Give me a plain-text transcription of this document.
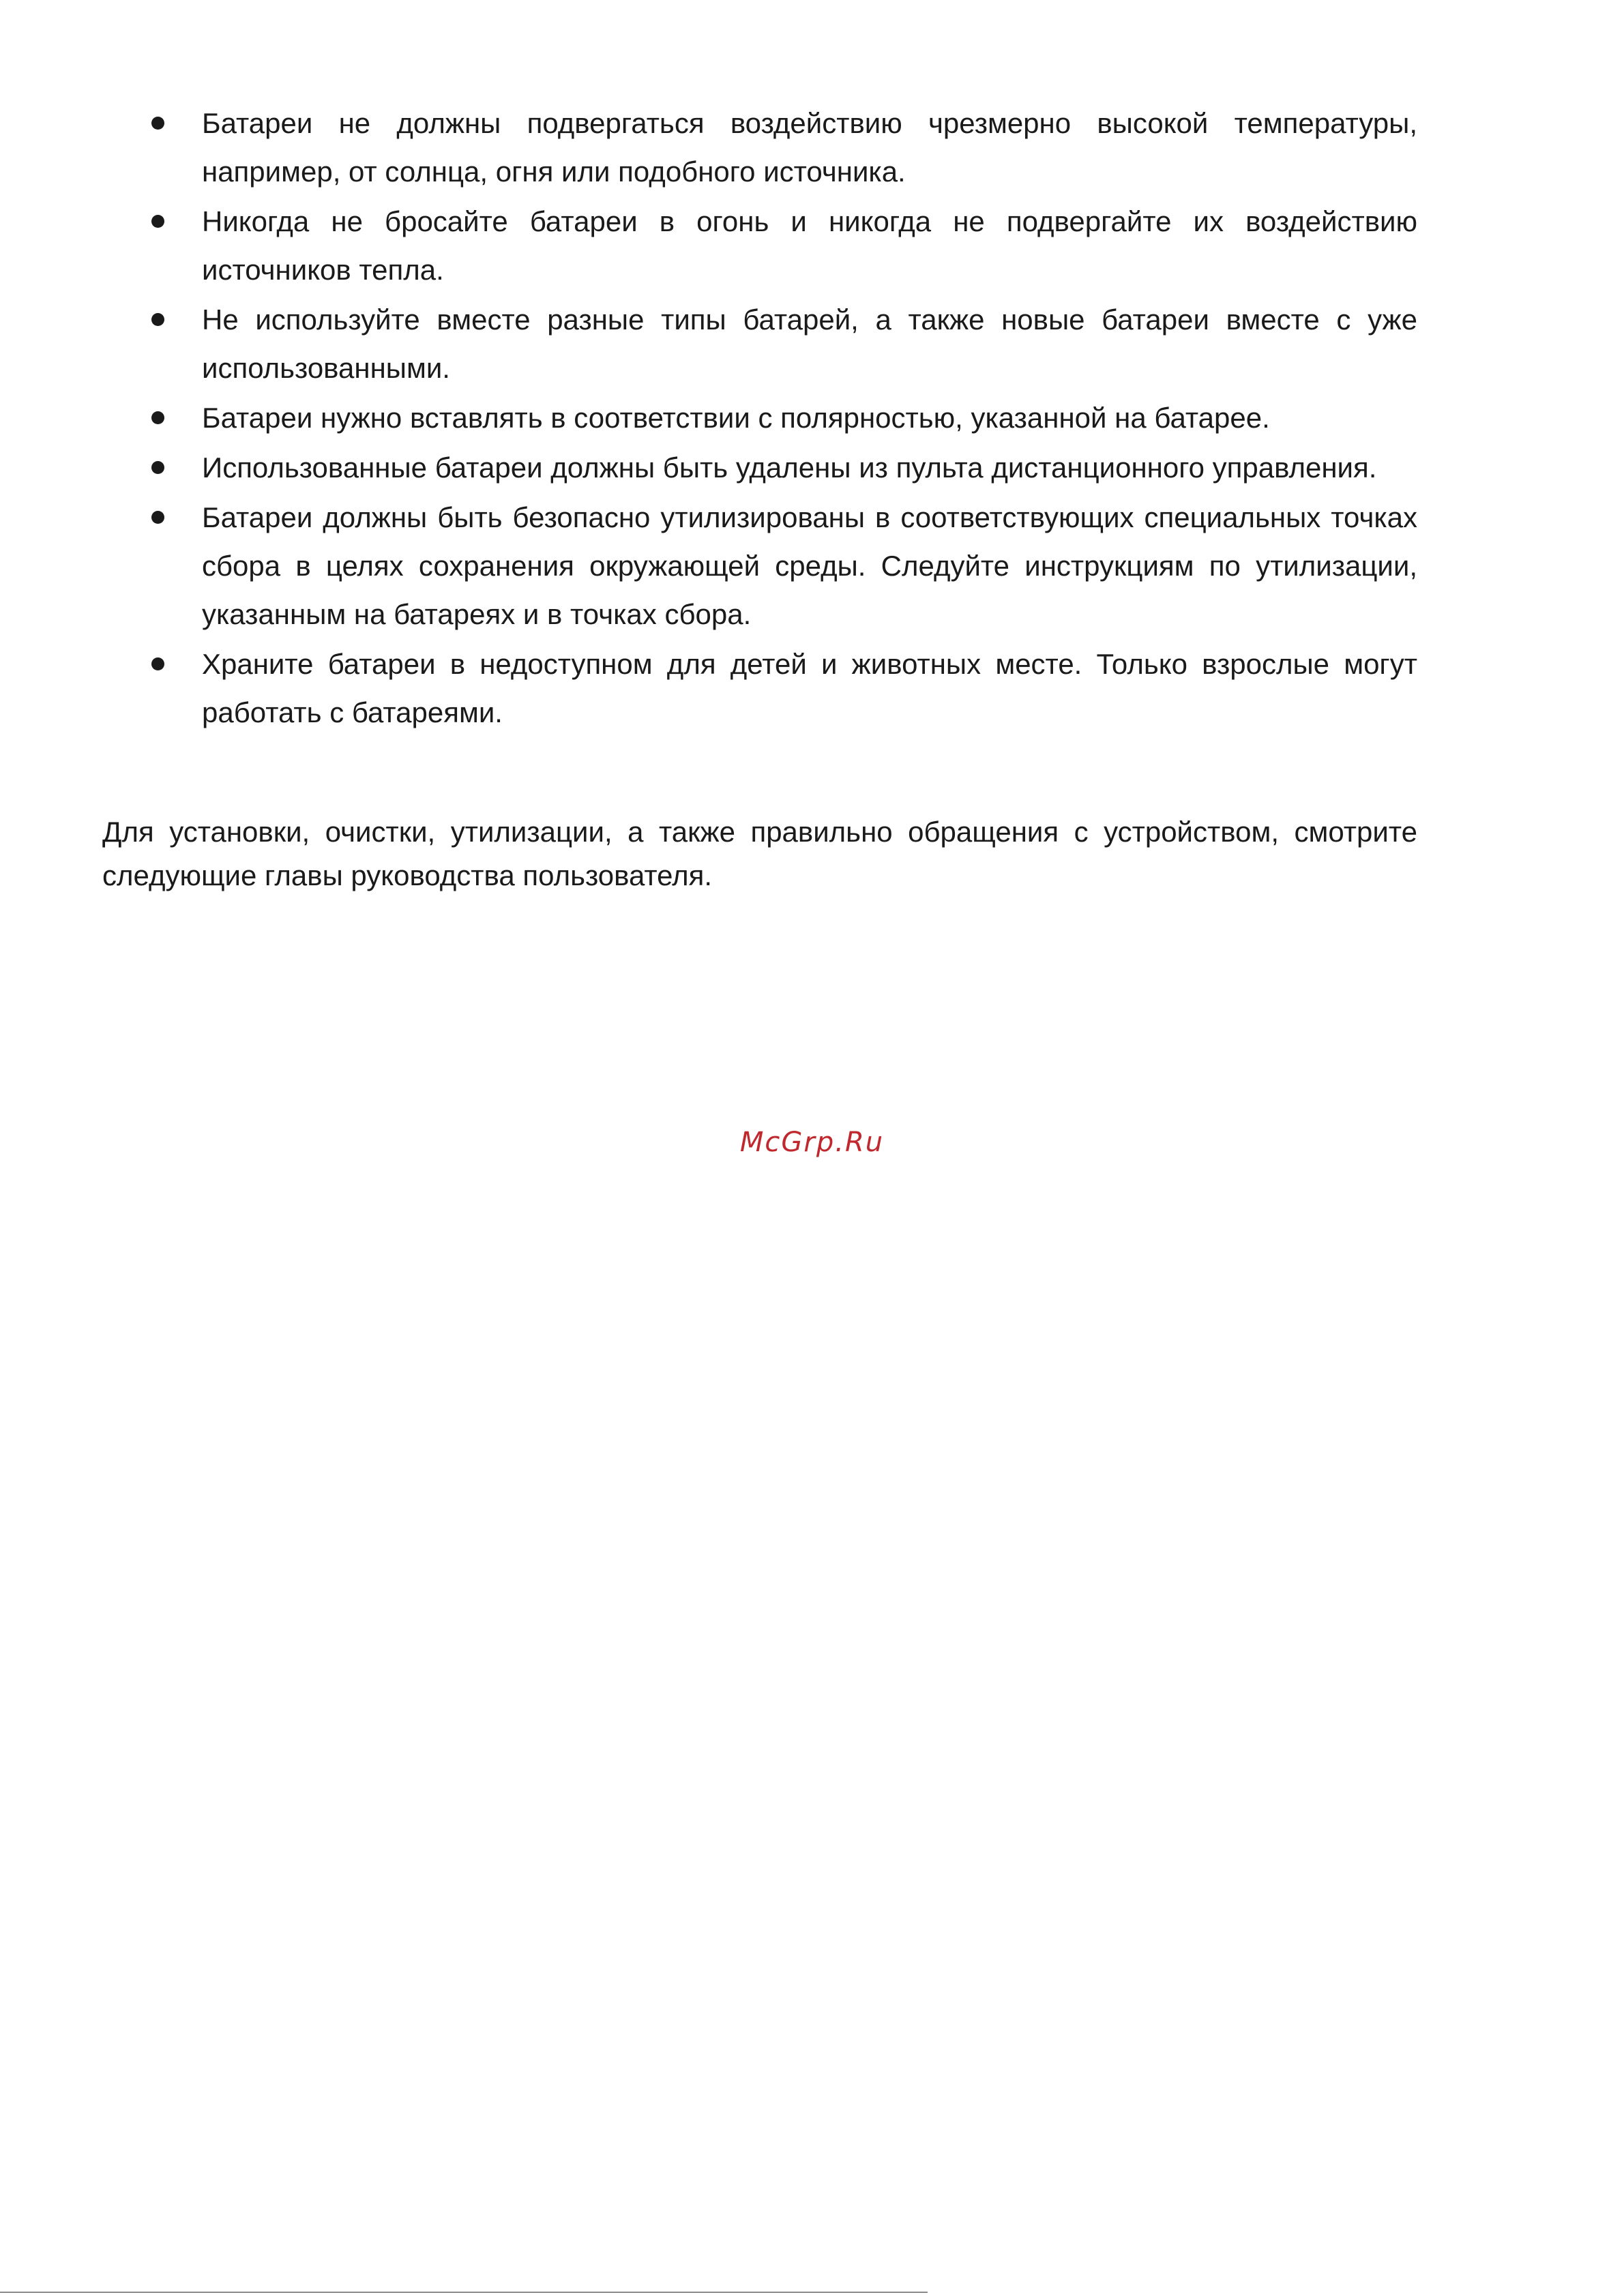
Батареи не должны подвергаться воздействию чрезмерно высокой температуры, например, от солнца, огня или подобного источника.
Никогда не бросайте батареи в огонь и никогда не подвергайте их воздействию источников тепла.
Не используйте вместе разные типы батарей, а также новые батареи вместе с уже использованными.
Батареи нужно вставлять в соответствии с полярностью, указанной на батарее.
Использованные батареи должны быть удалены из пульта дистанционного управления.
Батареи должны быть безопасно утилизированы в соответствующих специальных точках сбора в целях сохранения окружающей среды. Следуйте инструкциям по утилизации, указанным на батареях и в точках сбора.
Храните батареи в недоступном для детей и животных месте. Только взрослые могут работать с батареями.

Для установки, очистки, утилизации, а также правильно обращения с устройством, смотрите следующие главы руководства пользователя.

McGrp.Ru
